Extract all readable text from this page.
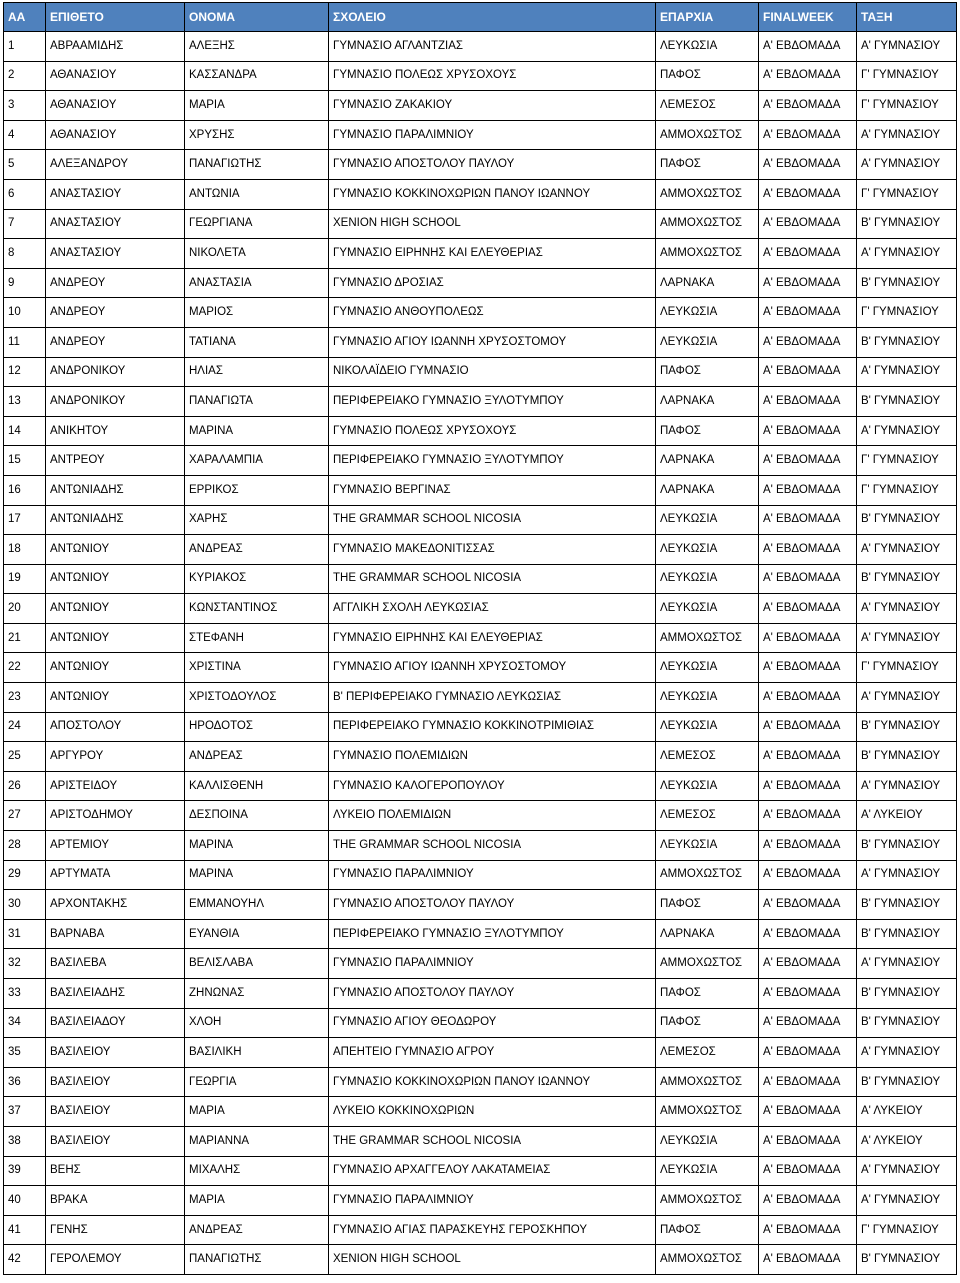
AA	ΕΠΙΘΕΤΟ	ΟΝΟΜΑ	ΣΧΟΛΕΙΟ	ΕΠΑΡΧΙΑ	FINALWEEK	ΤΑΞΗ
1	ΑΒΡΑΑΜΙΔΗΣ	ΑΛΕΞΗΣ	ΓΥΜΝΑΣΙΟ ΑΓΛΑΝΤΖΙΑΣ	ΛΕΥΚΩΣΙΑ	Α' ΕΒΔΟΜΑΔΑ	Α' ΓΥΜΝΑΣΙΟΥ
2	ΑΘΑΝΑΣΙΟΥ	ΚΑΣΣΑΝΔΡΑ	ΓΥΜΝΑΣΙΟ ΠΟΛΕΩΣ ΧΡΥΣΟΧΟΥΣ	ΠΑΦΟΣ	Α' ΕΒΔΟΜΑΔΑ	Γ' ΓΥΜΝΑΣΙΟΥ
3	ΑΘΑΝΑΣΙΟΥ	ΜΑΡΙΑ	ΓΥΜΝΑΣΙΟ ΖΑΚΑΚΙΟΥ	ΛΕΜΕΣΟΣ	Α' ΕΒΔΟΜΑΔΑ	Γ' ΓΥΜΝΑΣΙΟΥ
4	ΑΘΑΝΑΣΙΟΥ	ΧΡΥΣΗΣ	ΓΥΜΝΑΣΙΟ ΠΑΡΑΛΙΜΝΙΟΥ	ΑΜΜΟΧΩΣΤΟΣ	Α' ΕΒΔΟΜΑΔΑ	Α' ΓΥΜΝΑΣΙΟΥ
5	ΑΛΕΞΑΝΔΡΟΥ	ΠΑΝΑΓΙΩΤΗΣ	ΓΥΜΝΑΣΙΟ ΑΠΟΣΤΟΛΟΥ ΠΑΥΛΟΥ	ΠΑΦΟΣ	Α' ΕΒΔΟΜΑΔΑ	Α' ΓΥΜΝΑΣΙΟΥ
6	ΑΝΑΣΤΑΣΙΟΥ	ΑΝΤΩΝΙΑ	ΓΥΜΝΑΣΙΟ ΚΟΚΚΙΝΟΧΩΡΙΩΝ ΠΑΝΟΥ ΙΩΑΝΝΟΥ	ΑΜΜΟΧΩΣΤΟΣ	Α' ΕΒΔΟΜΑΔΑ	Γ' ΓΥΜΝΑΣΙΟΥ
7	ΑΝΑΣΤΑΣΙΟΥ	ΓΕΩΡΓΙΑΝΑ	XENION HIGH SCHOOL	ΑΜΜΟΧΩΣΤΟΣ	Α' ΕΒΔΟΜΑΔΑ	Β' ΓΥΜΝΑΣΙΟΥ
8	ΑΝΑΣΤΑΣΙΟΥ	ΝΙΚΟΛΕΤΑ	ΓΥΜΝΑΣΙΟ ΕΙΡΗΝΗΣ ΚΑΙ ΕΛΕΥΘΕΡΙΑΣ	ΑΜΜΟΧΩΣΤΟΣ	Α' ΕΒΔΟΜΑΔΑ	Α' ΓΥΜΝΑΣΙΟΥ
9	ΑΝΔΡΕΟΥ	ΑΝΑΣΤΑΣΙΑ	ΓΥΜΝΑΣΙΟ ΔΡΟΣΙΑΣ	ΛΑΡΝΑΚΑ	Α' ΕΒΔΟΜΑΔΑ	Β' ΓΥΜΝΑΣΙΟΥ
10	ΑΝΔΡΕΟΥ	ΜΑΡΙΟΣ	ΓΥΜΝΑΣΙΟ ΑΝΘΟΥΠΟΛΕΩΣ	ΛΕΥΚΩΣΙΑ	Α' ΕΒΔΟΜΑΔΑ	Γ' ΓΥΜΝΑΣΙΟΥ
11	ΑΝΔΡΕΟΥ	ΤΑΤΙΑΝΑ	ΓΥΜΝΑΣΙΟ ΑΓΙΟΥ ΙΩΑΝΝΗ ΧΡΥΣΟΣΤΟΜΟΥ	ΛΕΥΚΩΣΙΑ	Α' ΕΒΔΟΜΑΔΑ	Β' ΓΥΜΝΑΣΙΟΥ
12	ΑΝΔΡΟΝΙΚΟΥ	ΗΛΙΑΣ	ΝΙΚΟΛΑΪΔΕΙΟ ΓΥΜΝΑΣΙΟ	ΠΑΦΟΣ	Α' ΕΒΔΟΜΑΔΑ	Α' ΓΥΜΝΑΣΙΟΥ
13	ΑΝΔΡΟΝΙΚΟΥ	ΠΑΝΑΓΙΩΤΑ	ΠΕΡΙΦΕΡΕΙΑΚΟ ΓΥΜΝΑΣΙΟ ΞΥΛΟΤΥΜΠΟΥ	ΛΑΡΝΑΚΑ	Α' ΕΒΔΟΜΑΔΑ	Β' ΓΥΜΝΑΣΙΟΥ
14	ΑΝΙΚΗΤΟΥ	ΜΑΡΙΝΑ	ΓΥΜΝΑΣΙΟ ΠΟΛΕΩΣ ΧΡΥΣΟΧΟΥΣ	ΠΑΦΟΣ	Α' ΕΒΔΟΜΑΔΑ	Α' ΓΥΜΝΑΣΙΟΥ
15	ΑΝΤΡΕΟΥ	ΧΑΡΑΛΑΜΠΙΑ	ΠΕΡΙΦΕΡΕΙΑΚΟ ΓΥΜΝΑΣΙΟ ΞΥΛΟΤΥΜΠΟΥ	ΛΑΡΝΑΚΑ	Α' ΕΒΔΟΜΑΔΑ	Γ' ΓΥΜΝΑΣΙΟΥ
16	ΑΝΤΩΝΙΑΔΗΣ	ΕΡΡΙΚΟΣ	ΓΥΜΝΑΣΙΟ ΒΕΡΓΙΝΑΣ	ΛΑΡΝΑΚΑ	Α' ΕΒΔΟΜΑΔΑ	Γ' ΓΥΜΝΑΣΙΟΥ
17	ΑΝΤΩΝΙΑΔΗΣ	ΧΑΡΗΣ	THE GRAMMAR SCHOOL NICOSIA	ΛΕΥΚΩΣΙΑ	Α' ΕΒΔΟΜΑΔΑ	Β' ΓΥΜΝΑΣΙΟΥ
18	ΑΝΤΩΝΙΟΥ	ΑΝΔΡΕΑΣ	ΓΥΜΝΑΣΙΟ ΜΑΚΕΔΟΝΙΤΙΣΣΑΣ	ΛΕΥΚΩΣΙΑ	Α' ΕΒΔΟΜΑΔΑ	Α' ΓΥΜΝΑΣΙΟΥ
19	ΑΝΤΩΝΙΟΥ	ΚΥΡΙΑΚΟΣ	THE GRAMMAR SCHOOL NICOSIA	ΛΕΥΚΩΣΙΑ	Α' ΕΒΔΟΜΑΔΑ	Β' ΓΥΜΝΑΣΙΟΥ
20	ΑΝΤΩΝΙΟΥ	ΚΩΝΣΤΑΝΤΙΝΟΣ	ΑΓΓΛΙΚΗ ΣΧΟΛΗ ΛΕΥΚΩΣΙΑΣ	ΛΕΥΚΩΣΙΑ	Α' ΕΒΔΟΜΑΔΑ	Α' ΓΥΜΝΑΣΙΟΥ
21	ΑΝΤΩΝΙΟΥ	ΣΤΕΦΑΝΗ	ΓΥΜΝΑΣΙΟ ΕΙΡΗΝΗΣ ΚΑΙ ΕΛΕΥΘΕΡΙΑΣ	ΑΜΜΟΧΩΣΤΟΣ	Α' ΕΒΔΟΜΑΔΑ	Α' ΓΥΜΝΑΣΙΟΥ
22	ΑΝΤΩΝΙΟΥ	ΧΡΙΣΤΙΝΑ	ΓΥΜΝΑΣΙΟ ΑΓΙΟΥ ΙΩΑΝΝΗ ΧΡΥΣΟΣΤΟΜΟΥ	ΛΕΥΚΩΣΙΑ	Α' ΕΒΔΟΜΑΔΑ	Γ' ΓΥΜΝΑΣΙΟΥ
23	ΑΝΤΩΝΙΟΥ	ΧΡΙΣΤΟΔΟΥΛΟΣ	Β' ΠΕΡΙΦΕΡΕΙΑΚΟ ΓΥΜΝΑΣΙΟ ΛΕΥΚΩΣΙΑΣ	ΛΕΥΚΩΣΙΑ	Α' ΕΒΔΟΜΑΔΑ	Α' ΓΥΜΝΑΣΙΟΥ
24	ΑΠΟΣΤΟΛΟΥ	ΗΡΟΔΟΤΟΣ	ΠΕΡΙΦΕΡΕΙΑΚΟ ΓΥΜΝΑΣΙΟ ΚΟΚΚΙΝΟΤΡΙΜΙΘΙΑΣ	ΛΕΥΚΩΣΙΑ	Α' ΕΒΔΟΜΑΔΑ	Β' ΓΥΜΝΑΣΙΟΥ
25	ΑΡΓΥΡΟΥ	ΑΝΔΡΕΑΣ	ΓΥΜΝΑΣΙΟ ΠΟΛΕΜΙΔΙΩΝ	ΛΕΜΕΣΟΣ	Α' ΕΒΔΟΜΑΔΑ	Β' ΓΥΜΝΑΣΙΟΥ
26	ΑΡΙΣΤΕΙΔΟΥ	ΚΑΛΛΙΣΘΕΝΗ	ΓΥΜΝΑΣΙΟ ΚΑΛΟΓΕΡΟΠΟΥΛΟΥ	ΛΕΥΚΩΣΙΑ	Α' ΕΒΔΟΜΑΔΑ	Α' ΓΥΜΝΑΣΙΟΥ
27	ΑΡΙΣΤΟΔΗΜΟΥ	ΔΕΣΠΟΙΝΑ	ΛΥΚΕΙΟ ΠΟΛΕΜΙΔΙΩΝ	ΛΕΜΕΣΟΣ	Α' ΕΒΔΟΜΑΔΑ	Α' ΛΥΚΕΙΟΥ
28	ΑΡΤΕΜΙΟΥ	ΜΑΡΙΝΑ	THE GRAMMAR SCHOOL NICOSIA	ΛΕΥΚΩΣΙΑ	Α' ΕΒΔΟΜΑΔΑ	Β' ΓΥΜΝΑΣΙΟΥ
29	ΑΡΤΥΜΑΤΑ	ΜΑΡΙΝΑ	ΓΥΜΝΑΣΙΟ ΠΑΡΑΛΙΜΝΙΟΥ	ΑΜΜΟΧΩΣΤΟΣ	Α' ΕΒΔΟΜΑΔΑ	Α' ΓΥΜΝΑΣΙΟΥ
30	ΑΡΧΟΝΤΑΚΗΣ	ΕΜΜΑΝΟΥΗΛ	ΓΥΜΝΑΣΙΟ ΑΠΟΣΤΟΛΟΥ ΠΑΥΛΟΥ	ΠΑΦΟΣ	Α' ΕΒΔΟΜΑΔΑ	Β' ΓΥΜΝΑΣΙΟΥ
31	ΒΑΡΝΑΒΑ	ΕΥΑΝΘΙΑ	ΠΕΡΙΦΕΡΕΙΑΚΟ ΓΥΜΝΑΣΙΟ ΞΥΛΟΤΥΜΠΟΥ	ΛΑΡΝΑΚΑ	Α' ΕΒΔΟΜΑΔΑ	Β' ΓΥΜΝΑΣΙΟΥ
32	ΒΑΣΙΛΕΒΑ	ΒΕΛΙΣΛΑΒΑ	ΓΥΜΝΑΣΙΟ ΠΑΡΑΛΙΜΝΙΟΥ	ΑΜΜΟΧΩΣΤΟΣ	Α' ΕΒΔΟΜΑΔΑ	Α' ΓΥΜΝΑΣΙΟΥ
33	ΒΑΣΙΛΕΙΑΔΗΣ	ΖΗΝΩΝΑΣ	ΓΥΜΝΑΣΙΟ ΑΠΟΣΤΟΛΟΥ ΠΑΥΛΟΥ	ΠΑΦΟΣ	Α' ΕΒΔΟΜΑΔΑ	Β' ΓΥΜΝΑΣΙΟΥ
34	ΒΑΣΙΛΕΙΑΔΟΥ	ΧΛΟΗ	ΓΥΜΝΑΣΙΟ ΑΓΙΟΥ ΘΕΟΔΩΡΟΥ	ΠΑΦΟΣ	Α' ΕΒΔΟΜΑΔΑ	Β' ΓΥΜΝΑΣΙΟΥ
35	ΒΑΣΙΛΕΙΟΥ	ΒΑΣΙΛΙΚΗ	ΑΠΕΗΤΕΙΟ ΓΥΜΝΑΣΙΟ ΑΓΡΟΥ	ΛΕΜΕΣΟΣ	Α' ΕΒΔΟΜΑΔΑ	Α' ΓΥΜΝΑΣΙΟΥ
36	ΒΑΣΙΛΕΙΟΥ	ΓΕΩΡΓΙΑ	ΓΥΜΝΑΣΙΟ ΚΟΚΚΙΝΟΧΩΡΙΩΝ ΠΑΝΟΥ ΙΩΑΝΝΟΥ	ΑΜΜΟΧΩΣΤΟΣ	Α' ΕΒΔΟΜΑΔΑ	Β' ΓΥΜΝΑΣΙΟΥ
37	ΒΑΣΙΛΕΙΟΥ	ΜΑΡΙΑ	ΛΥΚΕΙΟ ΚΟΚΚΙΝΟΧΩΡΙΩΝ	ΑΜΜΟΧΩΣΤΟΣ	Α' ΕΒΔΟΜΑΔΑ	Α' ΛΥΚΕΙΟΥ
38	ΒΑΣΙΛΕΙΟΥ	ΜΑΡΙΑΝΝΑ	THE GRAMMAR SCHOOL NICOSIA	ΛΕΥΚΩΣΙΑ	Α' ΕΒΔΟΜΑΔΑ	Α' ΛΥΚΕΙΟΥ
39	ΒΕΗΣ	ΜΙΧΑΛΗΣ	ΓΥΜΝΑΣΙΟ ΑΡΧΑΓΓΕΛΟΥ ΛΑΚΑΤΑΜΕΙΑΣ	ΛΕΥΚΩΣΙΑ	Α' ΕΒΔΟΜΑΔΑ	Α' ΓΥΜΝΑΣΙΟΥ
40	ΒΡΑΚΑ	ΜΑΡΙΑ	ΓΥΜΝΑΣΙΟ ΠΑΡΑΛΙΜΝΙΟΥ	ΑΜΜΟΧΩΣΤΟΣ	Α' ΕΒΔΟΜΑΔΑ	Α' ΓΥΜΝΑΣΙΟΥ
41	ΓΕΝΗΣ	ΑΝΔΡΕΑΣ	ΓΥΜΝΑΣΙΟ ΑΓΙΑΣ ΠΑΡΑΣΚΕΥΗΣ ΓΕΡΟΣΚΗΠΟΥ	ΠΑΦΟΣ	Α' ΕΒΔΟΜΑΔΑ	Γ' ΓΥΜΝΑΣΙΟΥ
42	ΓΕΡΟΛΕΜΟΥ	ΠΑΝΑΓΙΩΤΗΣ	XENION HIGH SCHOOL	ΑΜΜΟΧΩΣΤΟΣ	Α' ΕΒΔΟΜΑΔΑ	Β' ΓΥΜΝΑΣΙΟΥ
